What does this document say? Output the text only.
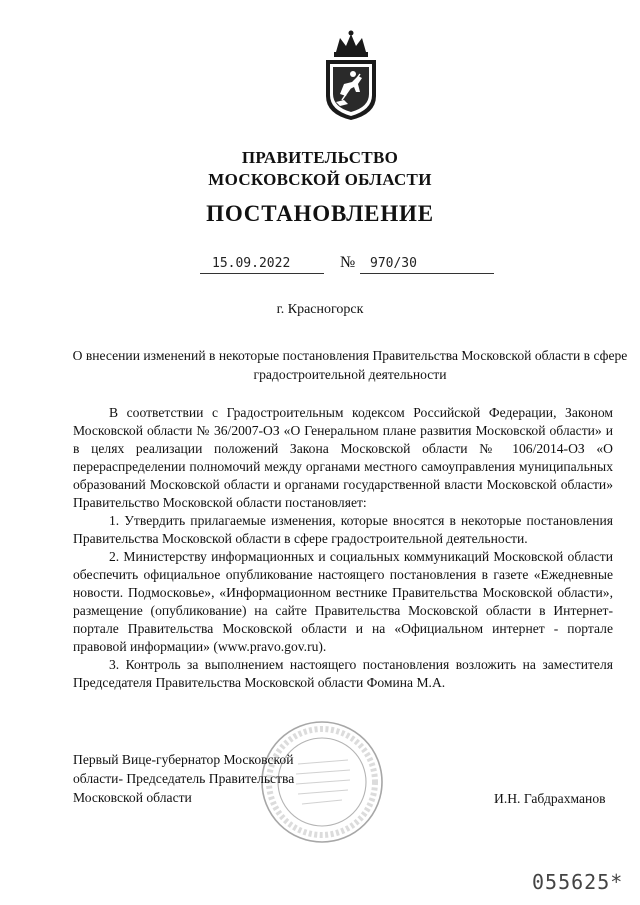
ПРАВИТЕЛЬСТВО
МОСКОВСКОЙ ОБЛАСТИ
ПОСТАНОВЛЕНИЕ
15.09.2022	№ 970/30
г. Красногорск
О внесении изменений в некоторые постановления Правительства Московской области в сфере градостроительной деятельности

В соответствии с Градостроительным кодексом Российской Федерации, Законом Московской области № 36/2007-ОЗ «О Генеральном плане развития Московской области» и в целях реализации положений Закона Московской области № 106/2014-ОЗ «О перераспределении полномочий между органами местного самоуправления муниципальных образований Московской области и органами государственной власти Московской области» Правительство Московской области постановляет:

1. Утвердить прилагаемые изменения, которые вносятся в некоторые постановления Правительства Московской области в сфере градостроительной деятельности.

2. Министерству информационных и социальных коммуникаций Московской области обеспечить официальное опубликование настоящего постановления в газете «Ежедневные новости. Подмосковье», «Информационном вестнике Правительства Московской области», размещение (опубликование) на сайте Правительства Московской области в Интернет-портале Правительства Московской области и на «Официальном интернет - портале правовой информации» (www.pravo.gov.ru).

3. Контроль за выполнением настоящего постановления возложить на заместителя Председателя Правительства Московской области Фомина М.А.

Первый Вице-губернатор Московской
области- Председатель Правительства
Московской области	И.Н. Габдрахманов
055625*
